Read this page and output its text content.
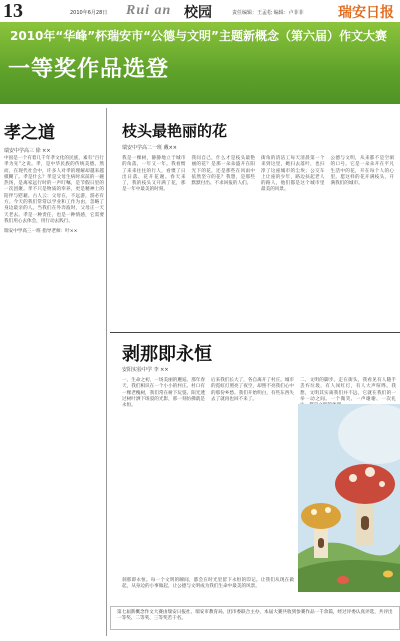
13	2010年6月28日 Rui an 校园	责任编辑：王孟松 编辑：卢菲菲 瑞安日报
2010年“华峰”杯瑞安市“公德与文明”主题新概念（第六届）作文大赛
一等奖作品选登
孝之道
瑞安中学高三 徐 ××
中国是一个有着几千年孝文化的民族，素有“百行孝为先”之说。孝，是中华民族的传统美德。然而，在现代社会中，许多人对孝的理解却越来越模糊了。孝是什么？孝是父母生病时床前的一碗热汤，是离家远行时的一声叮嘱，是节假日里的一次团聚。孝不只是物质的奉养，更是精神上的陪伴与慰藉。古人云：父母在，不远游，游必有方。今天的我们常常以学业和工作为由，忽略了身边最亲的人。当我们在外奔波时，父母正一天天老去。孝是一种责任，也是一种情感，它需要我们用心去体会，用行动去践行。
瑞安中学高三一班 指导老师：叶××
枝头最艳丽的花
瑞安中学高二一班 戴××
我是一棵树，静静地立于城市的角落，一年又一年。我看惯了来来往往的行人，看惯了日出日落、花开花谢。春天来了，我的枝头又开满了花，那是一年中最美的时刻。
我问自己，什么才是枝头最艳丽的花？是那一朵朵盛开在阳光下的花，还是那些在风雨中依然坚守的花？我想，是那些默默付出、不求回报的人们。
街角的清洁工每天清晨第一个来到这里，她扫去落叶，也扫净了这座城市的尘埃；公交车上让座的少年，路边扶起老人的路人，他们都是这个城市里最美的风景。
公德与文明，从来都不是空洞的口号。它是一朵朵开在平凡生活中的花，开在每个人的心里。愿这样的花开满枝头，开满我们的城市。
剥那即永恒
安阳实验中学 李 ××
一、生命之初，一场美丽的邂逅。那年春天，我们相识在一个小小的村庄。村口有一棵老槐树，我们常在树下玩耍。阳光透过树叶洒下斑驳的光影，那一刻仿佛就是永恒。
后来我们长大了，各自离开了村庄。城市的霓虹灯照亮了夜空，却照不亮我们心中的那份乡愁。我们开始明白，有些东西失去了就再也回不来了。
二、文明的脚步。走在街头，我看见有人随手丢弃垃圾，有人闯红灯，有人大声喧哗。我想，文明其实离我们并不远，它就在我们的一举一动之间。一个微笑、一声谢谢、一次礼
刹那即永恒。每一个文明的瞬间，都会在时光里留下永恒的印记。让我们从现在做起，从身边的小事做起，让公德与文明成为我们生命中最美的风景。
第七届新概念作文大赛由瑞安日报社、瑞安市教育局、团市委联合主办，本届大赛共收到参赛作品一千余篇，经过评委认真评选，共评出一等奖、二等奖、三等奖若干名。
